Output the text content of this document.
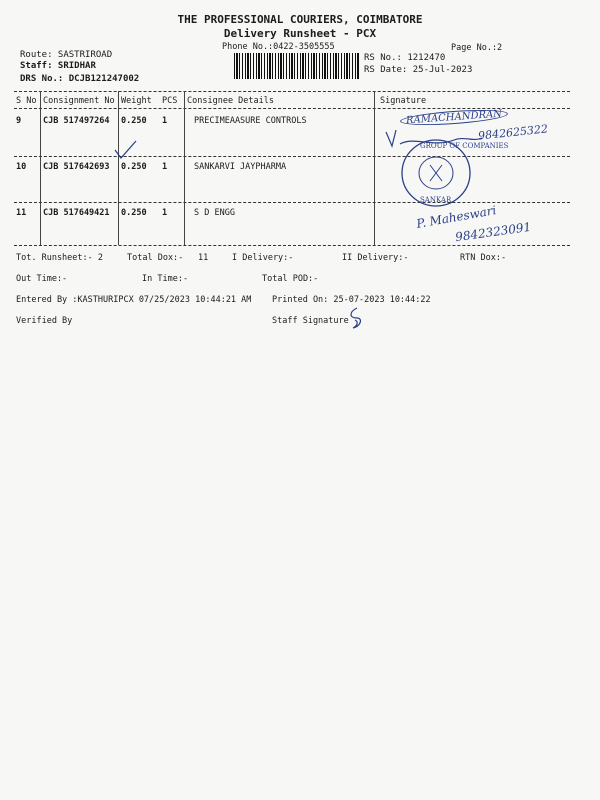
THE PROFESSIONAL COURIERS, COIMBATORE
Delivery Runsheet - PCX
Phone No.:0422-3505555	Page No.:2
Route: SASTRIROAD
Staff: SRIDHAR
DRS No.: DCJB121247002
RS No.: 1212470
RS Date: 25-Jul-2023
S No Consignment No Weight PCS Consignee Details	Signature
9	CJB 517497264 0.250 1	PRECIMEAASURE CONTROLS
10 CJB 517642693 0.250 1	SANKARVI JAYPHARMA
11 CJB 517649421 0.250 1	S D ENGG
RAMACHANDRAN
9842625322
GROUP OF COMPANIES
SANKAR
P. Maheswari
9842323091
Tot. Runsheet:- 2	Total Dox:- 11	I Delivery:-	II Delivery:-	RTN Dox:-
Out Time:-	In Time:-	Total POD:-
Entered By :KASTHURIPCX 07/25/2023 10:44:21 AM Printed On: 25-07-2023 10:44:22
Verified By	Staff Signature
